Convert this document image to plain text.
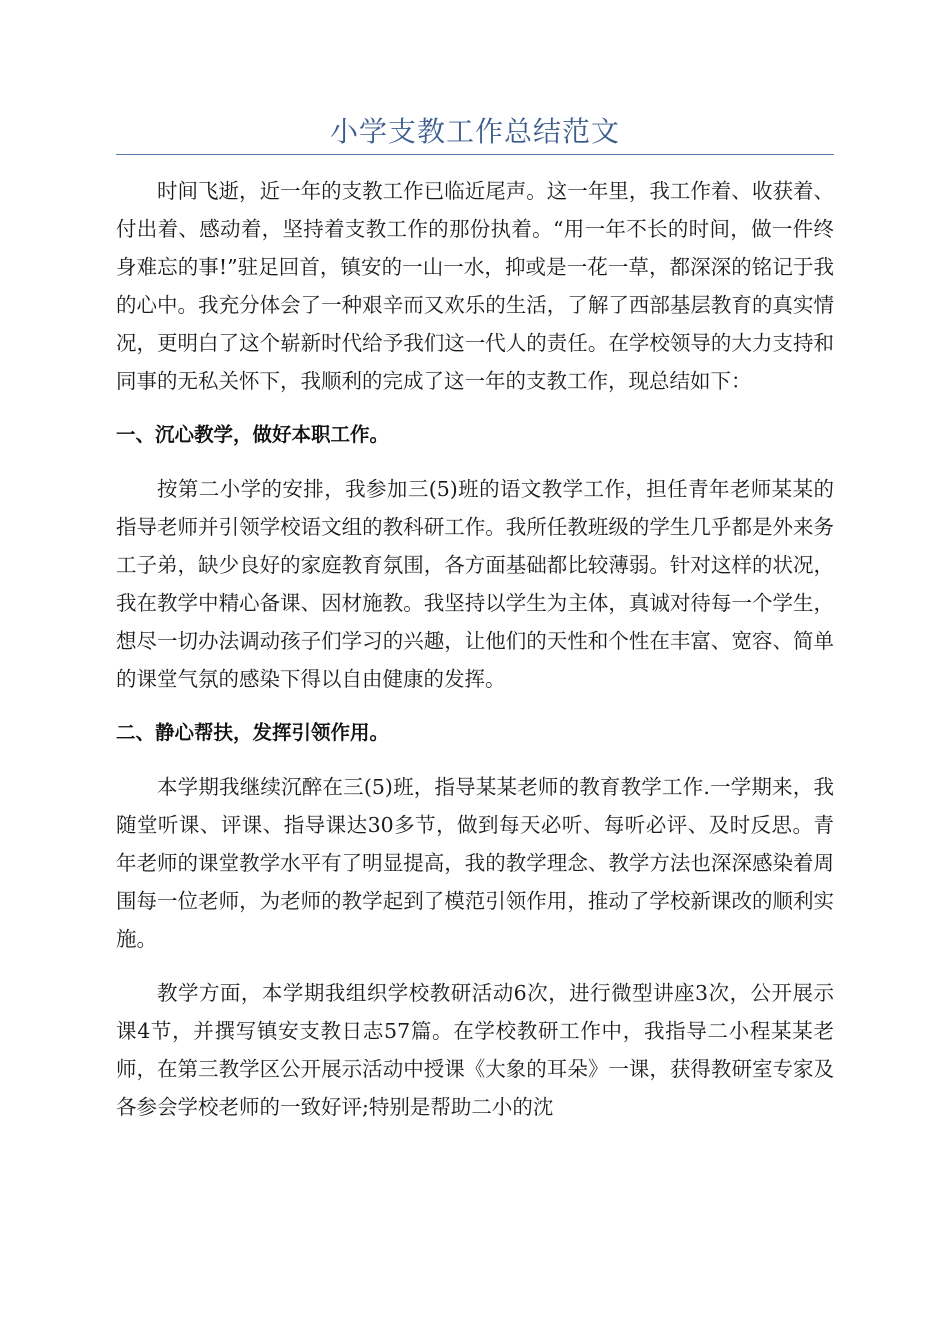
小学支教工作总结范文

时间飞逝，近一年的支教工作已临近尾声。这一年里，我工作着、收获着、付出着、感动着，坚持着支教工作的那份执着。“用一年不长的时间，做一件终身难忘的事!”驻足回首，镇安的一山一水，抑或是一花一草，都深深的铭记于我的心中。我充分体会了一种艰辛而又欢乐的生活，了解了西部基层教育的真实情况，更明白了这个崭新时代给予我们这一代人的责任。在学校领导的大力支持和同事的无私关怀下，我顺利的完成了这一年的支教工作，现总结如下：

一、沉心教学，做好本职工作。

按第二小学的安排，我参加三(5)班的语文教学工作，担任青年老师某某的指导老师并引领学校语文组的教科研工作。我所任教班级的学生几乎都是外来务工子弟，缺少良好的家庭教育氛围，各方面基础都比较薄弱。针对这样的状况，我在教学中精心备课、因材施教。我坚持以学生为主体，真诚对待每一个学生，想尽一切办法调动孩子们学习的兴趣，让他们的天性和个性在丰富、宽容、简单的课堂气氛的感染下得以自由健康的发挥。

二、静心帮扶，发挥引领作用。

本学期我继续沉醉在三(5)班，指导某某老师的教育教学工作.一学期来，我随堂听课、评课、指导课达30多节，做到每天必听、每听必评、及时反思。青年老师的课堂教学水平有了明显提高，我的教学理念、教学方法也深深感染着周围每一位老师，为老师的教学起到了模范引领作用，推动了学校新课改的顺利实施。

教学方面，本学期我组织学校教研活动6次，进行微型讲座3次，公开展示课4节，并撰写镇安支教日志57篇。在学校教研工作中，我指导二小程某某老师，在第三教学区公开展示活动中授课《大象的耳朵》一课，获得教研室专家及各参会学校老师的一致好评;特别是帮助二小的沈
